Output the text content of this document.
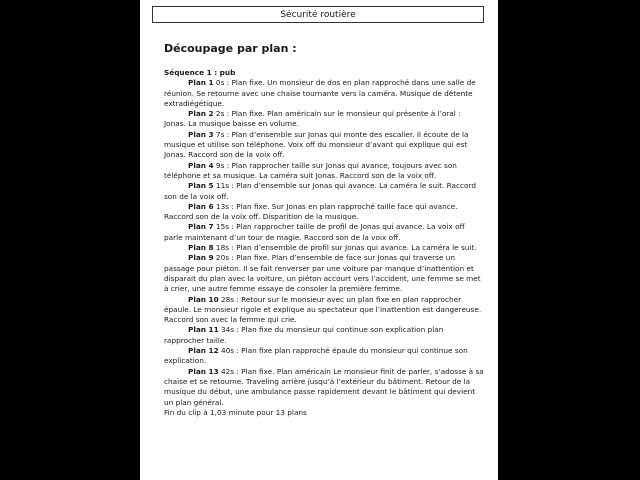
Sécurité routière
Découpage par plan :
Séquence 1 : pub

Plan 1 0s : Plan fixe. Un monsieur de dos en plan rapproché dans une salle de réunion. Se retourne avec une chaise tournante vers la caméra. Musique de détente extradiégétique.

Plan 2 2s : Plan fixe. Plan américain sur le monsieur qui présente à l’oral : Jonas. La musique baisse en volume.

Plan 3 7s : Plan d’ensemble sur Jonas qui monte des escalier. Il écoute de la musique et utilise son téléphone. Voix off du monsieur d’avant qui explique qui est Jonas. Raccord son de la voix off.

Plan 4 9s : Plan rapprocher taille sur Jonas qui avance, toujours avec son téléphone et sa musique. La caméra suit Jonas. Raccord son de la voix off.

Plan 5 11s : Plan d’ensemble sur Jonas qui avance. La caméra le suit. Raccord son de la voix off.

Plan 6 13s : Plan fixe. Sur Jonas en plan rapproché taille face qui avance. Raccord son de la voix off. Disparition de la musique.

Plan 7 15s : Plan rapprocher taille de profil de Jonas qui avance. La voix off parle maintenant d’un tour de magie. Raccord son de la voix off.

Plan 8 18s : Plan d’ensemble de profil sur Jonas qui avance. La caméra le suit.

Plan 9 20s : Plan fixe. Plan d’ensemble de face sur Jonas qui traverse un passage pour piéton. Il se fait renverser par une voiture par manque d’inattention et disparait du plan avec la voiture, un piéton accourt vers l’accident, une femme se met à crier, une autre femme essaye de consoler la première femme.

Plan 10 28s : Retour sur le monsieur avec un plan fixe en plan rapprocher épaule. Le monsieur rigole et explique au spectateur que l’inattention est dangereuse. Raccord son avec la femme qui crie.

Plan 11 34s : Plan fixe du monsieur qui continue son explication plan rapprocher taille.

Plan 12 40s : Plan fixe plan rapproché épaule du monsieur qui continue son explication.

Plan 13 42s : Plan fixe. Plan américain Le monsieur finit de parler, s’adosse à sa chaise et se retourne. Traveling arrière jusqu’à l’extérieur du bâtiment. Retour de la musique du début, une ambulance passe rapidement devant le bâtiment qui devient un plan général.

Fin du clip à 1,03 minute pour 13 plans
